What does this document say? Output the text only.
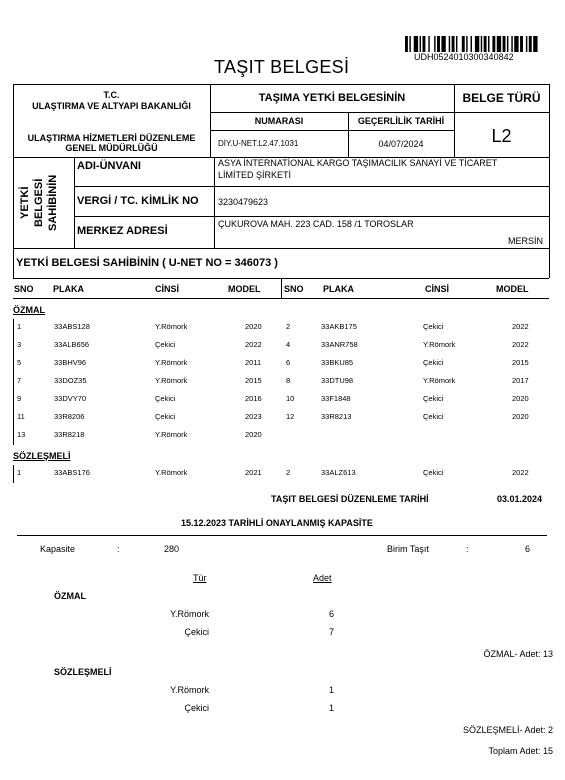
UDH0524010300340842
TAŞIT BELGESİ
T.C.
ULAŞTIRMA VE ALTYAPI BAKANLIĞI
ULAŞTIRMA HİZMETLERİ DÜZENLEME
GENEL MÜDÜRLÜĞÜ
TAŞIMA YETKİ BELGESİNİN
NUMARASI	GEÇERLİLİK TARİHİ
DİY.U-NET.L2.47.1031	04/07/2024
BELGE TÜRÜ
L2
YETKİ BELGESİ SAHİBİNİN
ADI-ÜNVANI	ASYA İNTERNATİONAL KARGO TAŞIMACILIK SANAYİ VE TİCARET
LİMİTED ŞİRKETİ
VERGİ / TC. KİMLİK NO 3230479623
MERKEZ ADRESİ
ÇUKUROVA MAH. 223 CAD. 158 /1 TOROSLAR
MERSİN
YETKİ BELGESİ SAHİBİNİN ( U-NET NO = 346073 )
SNO PLAKA	CİNSİ	MODEL	SNO PLAKA	CİNSİ	MODEL
ÖZMAL
1	33ABS128	Y.Römork	2020	2	33AKB175	Çekici	2022
3	33ALB656	Çekici	2022	4	33ANR758	Y.Römork	2022
5	33BHV96	Y.Römork	2011	6	33BKU85	Çekici	2015
7	33DOZ35	Y.Römork	2015	8	33DTU98	Y.Römork	2017
9	33DVY70	Çekici	2016	10	33F1848	Çekici	2020
11	33R8206	Çekici	2023	12	33R8213	Çekici	2020
13	33R8218	Y.Römork	2020
SÖZLEŞMELİ
1	33ABS176	Y.Römork	2021	2	33ALZ613	Çekici	2022
TAŞIT BELGESİ DÜZENLEME TARİHİ	03.01.2024
15.12.2023 TARİHLİ ONAYLANMIŞ KAPASİTE
Kapasite	:	280	Birim Taşıt	:	6
Tür	Adet
ÖZMAL
Y.Römork	6
Çekici	7
ÖZMAL- Adet: 13
SÖZLEŞMELİ
Y.Römork	1
Çekici	1
SÖZLEŞMELİ- Adet: 2
Toplam Adet: 15
